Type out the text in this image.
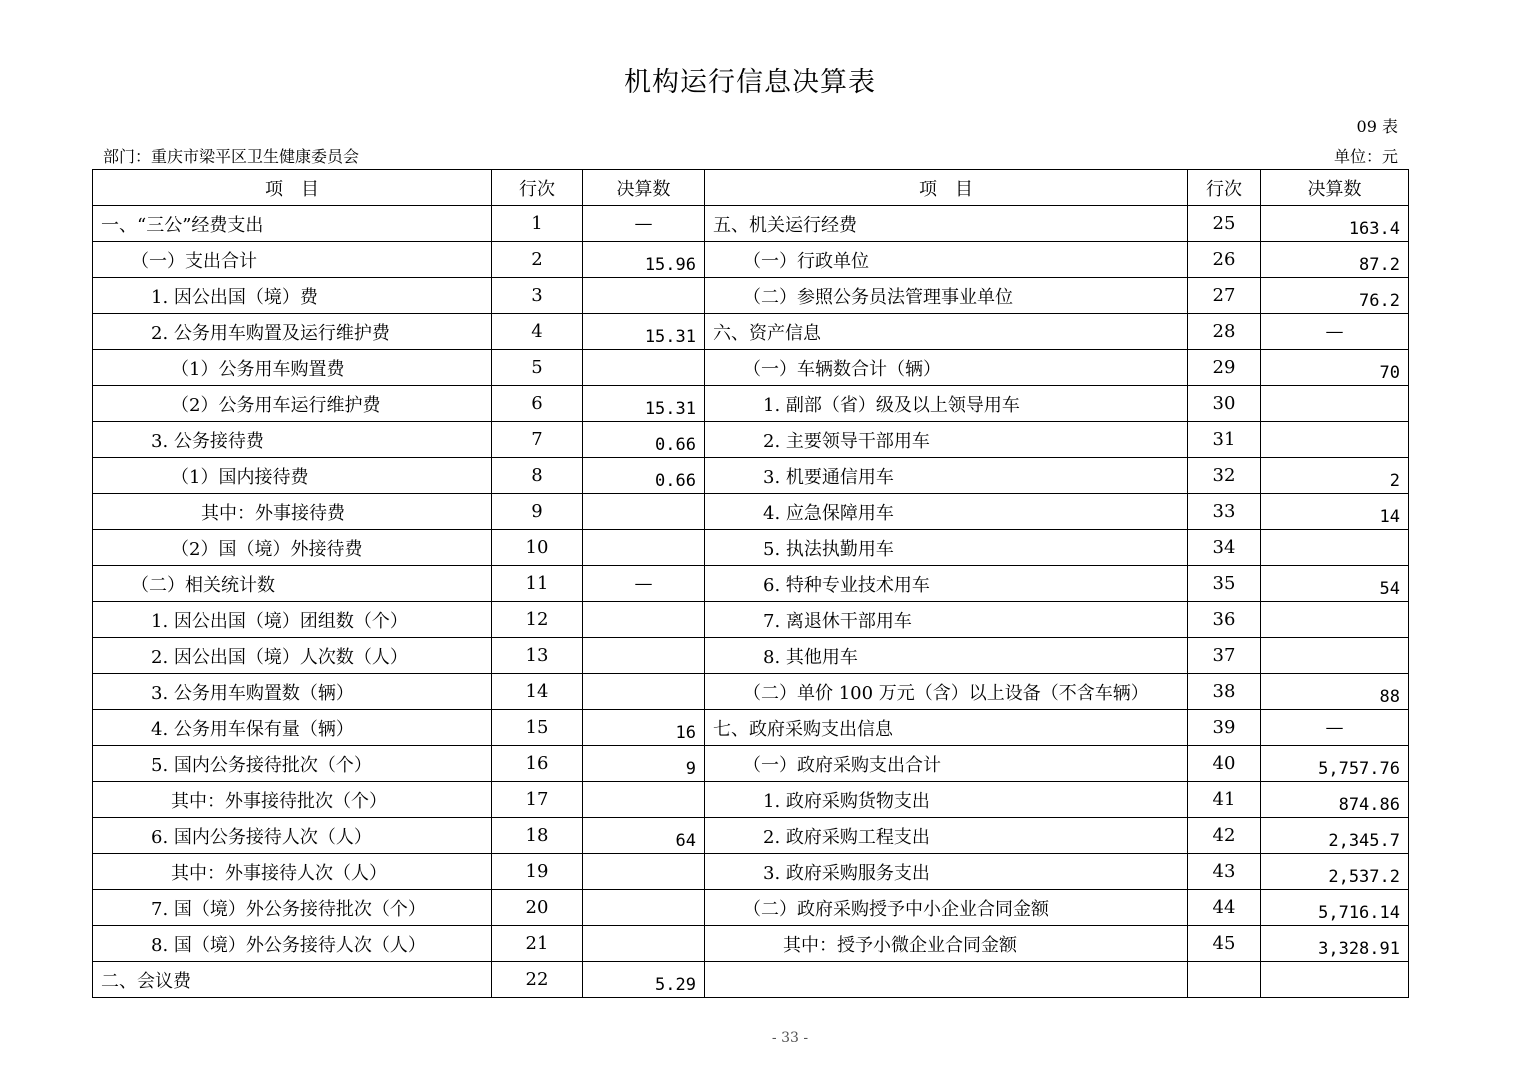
机构运行信息决算表
09 表
部门：重庆市梁平区卫生健康委员会	单位：元
项　目	行次	决算数	项　目	行次	决算数
一、“三公”经费支出	1	—	五、机关运行经费	25	163.4
（一）支出合计	2	15.96	（一）行政单位	26	87.2
1. 因公出国（境）费	3		（二）参照公务员法管理事业单位	27	76.2
2. 公务用车购置及运行维护费	4	15.31	六、资产信息	28	—
（1）公务用车购置费	5		（一）车辆数合计（辆）	29	70
（2）公务用车运行维护费	6	15.31	1. 副部（省）级及以上领导用车	30	
3. 公务接待费	7	0.66	2. 主要领导干部用车	31	
（1）国内接待费	8	0.66	3. 机要通信用车	32	2
其中：外事接待费	9		4. 应急保障用车	33	14
（2）国（境）外接待费	10		5. 执法执勤用车	34	
（二）相关统计数	11	—	6. 特种专业技术用车	35	54
1. 因公出国（境）团组数（个）	12		7. 离退休干部用车	36	
2. 因公出国（境）人次数（人）	13		8. 其他用车	37	
3. 公务用车购置数（辆）	14		（二）单价 100 万元（含）以上设备（不含车辆）	38	88
4. 公务用车保有量（辆）	15	16	七、政府采购支出信息	39	—
5. 国内公务接待批次（个）	16	9	（一）政府采购支出合计	40	5,757.76
其中：外事接待批次（个）	17		1. 政府采购货物支出	41	874.86
6. 国内公务接待人次（人）	18	64	2. 政府采购工程支出	42	2,345.7
其中：外事接待人次（人）	19		3. 政府采购服务支出	43	2,537.2
7. 国（境）外公务接待批次（个）	20		（二）政府采购授予中小企业合同金额	44	5,716.14
8. 国（境）外公务接待人次（人）	21		其中：授予小微企业合同金额	45	3,328.91
二、会议费	22	5.29			
- 33 -
